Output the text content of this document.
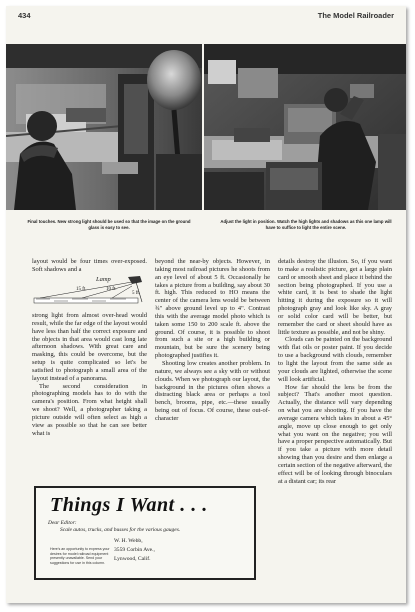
434	The Model Railroader
Final touches. New strong light should be used so that the image on the ground glass is easy to see.
Adjust the light in position. Watch the high lights and shadows as this one lamp will have to suffice to light the entire scene.
Lamp
15 ft.	10 ft.
5 ft.
layout would be four times over-exposed. Soft shadows and a

strong light from almost over-head would result, while the far edge of the layout would have less than half the correct exposure and the objects in that area would cast long late afternoon shadows. With great care and masking, this could be overcome, but the setup is quite complicated so let's be satisfied to photograph a small area of the layout instead of a panorama.

The second consideration in photographing models has to do with the camera's position. From what height shall we shoot? Well, a photographer taking a picture outside will often select as high a view as possible so that he can see better what is

beyond the near-by objects. However, in taking most railroad pictures he shoots from an eye level of about 5 ft. Occasionally he takes a picture from a building, say about 30 ft. high. This reduced to HO means the center of the camera lens would be between ¾" above ground level up to 4". Contrast this with the average model photo which is taken some 150 to 200 scale ft. above the ground. Of course, it is possible to shoot from such a site or a high building or mountain, but be sure the scenery being photographed justifies it.

Shooting low creates another problem. In nature, we always see a sky with or without clouds. When we photograph our layout, the background in the pictures often shows a distracting black area or perhaps a tool bench, brooms, pipe, etc.—these usually being out of focus. Of course, these out-of-character

details destroy the illusion. So, if you want to make a realistic picture, get a large plain card or smooth sheet and place it behind the section being photographed. If you use a white card, it is best to shade the light hitting it during the exposure so it will photograph gray and look like sky. A gray or solid color card will be better, but remember the card or sheet should have as little texture as possible, and not be shiny.

Clouds can be painted on the background with flat oils or poster paint. If you decide to use a background with clouds, remember to light the layout from the same side as your clouds are lighted, otherwise the scene will look artificial.

How far should the lens be from the subject? That's another moot question. Actually, the distance will vary depending on what you are shooting. If you have the average camera which takes in about a 45° angle, move up close enough to get only what you want on the negative; you will have a proper perspective automatically. But if you take a picture with more detail showing than you desire and then enlarge a certain section of the negative afterward, the effect will be of looking through binoculars at a distant car; its rear

Things I Want . . .
Dear Editor:
Scale autos, trucks, and busses for the various gauges.
W. H. Webb,
3559 Corbin Ave.,
Lynwood, Calif.
Here's an opportunity to express your desires for model railroad equipment presently unavailable. Send your suggestions for use in this column.
